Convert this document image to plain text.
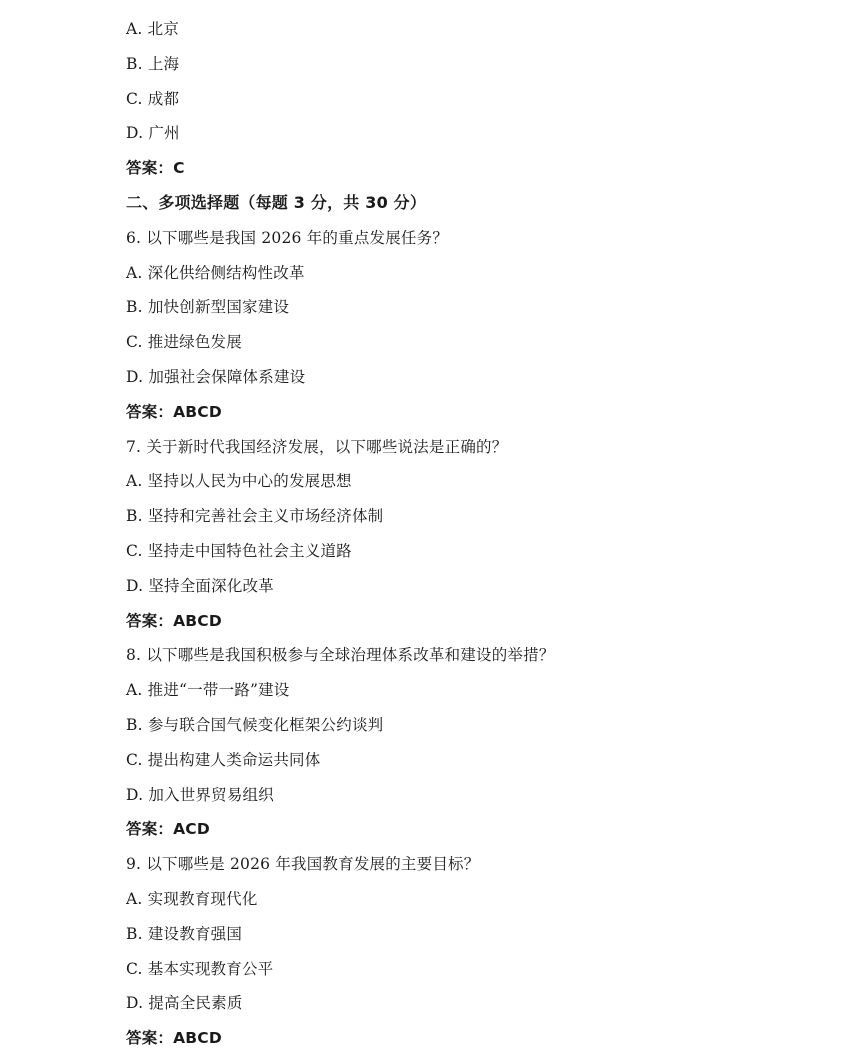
A. 北京
B. 上海
C. 成都
D. 广州
答案：C
二、多项选择题（每题 3 分，共 30 分）
6. 以下哪些是我国 2026 年的重点发展任务？
A. 深化供给侧结构性改革
B. 加快创新型国家建设
C. 推进绿色发展
D. 加强社会保障体系建设
答案：ABCD
7. 关于新时代我国经济发展，以下哪些说法是正确的？
A. 坚持以人民为中心的发展思想
B. 坚持和完善社会主义市场经济体制
C. 坚持走中国特色社会主义道路
D. 坚持全面深化改革
答案：ABCD
8. 以下哪些是我国积极参与全球治理体系改革和建设的举措？
A. 推进“一带一路”建设
B. 参与联合国气候变化框架公约谈判
C. 提出构建人类命运共同体
D. 加入世界贸易组织
答案：ACD
9. 以下哪些是 2026 年我国教育发展的主要目标？
A. 实现教育现代化
B. 建设教育强国
C. 基本实现教育公平
D. 提高全民素质
答案：ABCD
